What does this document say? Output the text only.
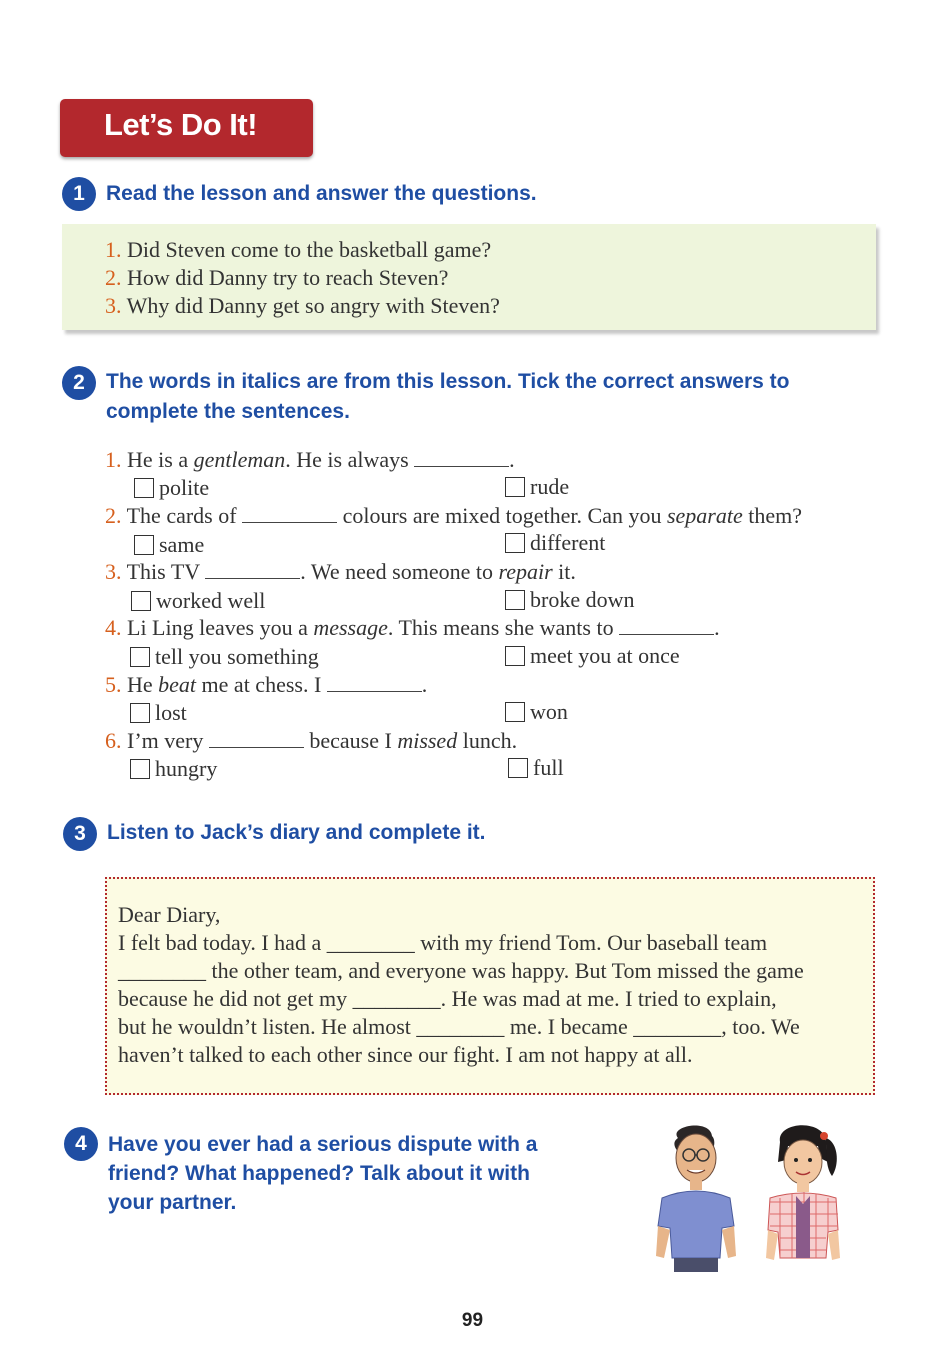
Let’s Do It!
1	Read the lesson and answer the questions.
1. Did Steven come to the basketball game?
2. How did Danny try to reach Steven?
3. Why did Danny get so angry with Steven?
2	The words in italics are from this lesson. Tick the correct answers to
complete the sentences.
1. He is a gentleman. He is always	.
polite	rude
2. The cards of	colours are mixed together. Can you separate them?
same	different
3. This TV	. We need someone to repair it.
worked well	broke down
4. Li Ling leaves you a message. This means she wants to	.
tell you something	meet you at once
5. He beat me at chess. I	.
lost	won
6. I’m very	because I missed lunch.
hungry	full
3	Listen to Jack’s diary and complete it.
Dear Diary,
I felt bad today. I had a ________ with my friend Tom. Our baseball team
________ the other team, and everyone was happy. But Tom missed the game
because he did not get my ________. He was mad at me. I tried to explain,
but he wouldn’t listen. He almost ________ me. I became ________, too. We
haven’t talked to each other since our fight. I am not happy at all.
4	Have you ever had a serious dispute with a
friend? What happened? Talk about it with
your partner.
99
